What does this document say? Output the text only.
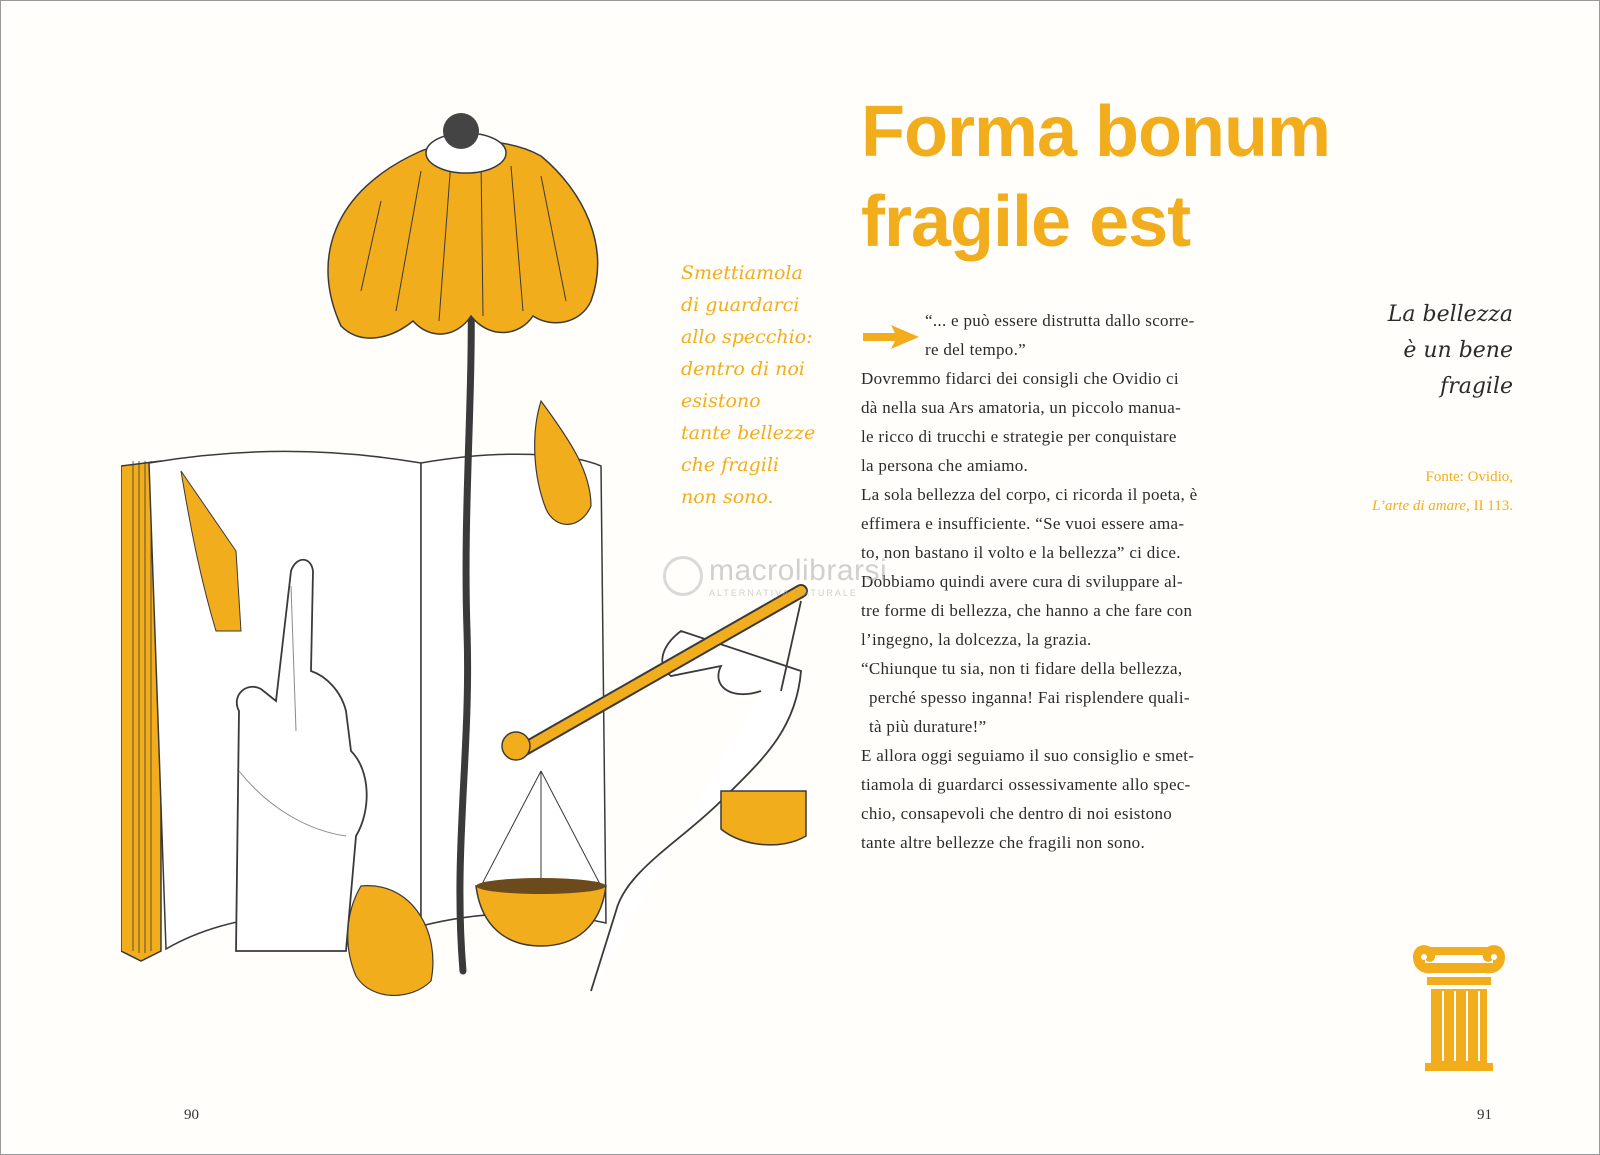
Smettiamola
di guardarci
allo specchio:
dentro di noi
esistono
tante bellezze
che fragili
non sono.
90
Forma bonum
fragile est
“... e può essere distrutta dallo scorre-
re del tempo.”
Dovremmo fidarci dei consigli che Ovidio ci
dà nella sua Ars amatoria, un piccolo manua-
le ricco di trucchi e strategie per conquistare
la persona che amiamo.
La sola bellezza del corpo, ci ricorda il poeta, è
effimera e insufficiente. “Se vuoi essere ama-
to, non bastano il volto e la bellezza” ci dice.
Dobbiamo quindi avere cura di sviluppare al-
tre forme di bellezza, che hanno a che fare con
l’ingegno, la dolcezza, la grazia.
“Chiunque tu sia, non ti fidare della bellezza,
perché spesso inganna! Fai risplendere quali-
tà più durature!”
E allora oggi seguiamo il suo consiglio e smet-
tiamola di guardarci ossessivamente allo spec-
chio, consapevoli che dentro di noi esistono
tante altre bellezze che fragili non sono.
La bellezza
è un bene
fragile
Fonte: Ovidio,
L’arte di amare, II 113.
91
macrolibrarsi
ALTERNATIVA NATURALE
